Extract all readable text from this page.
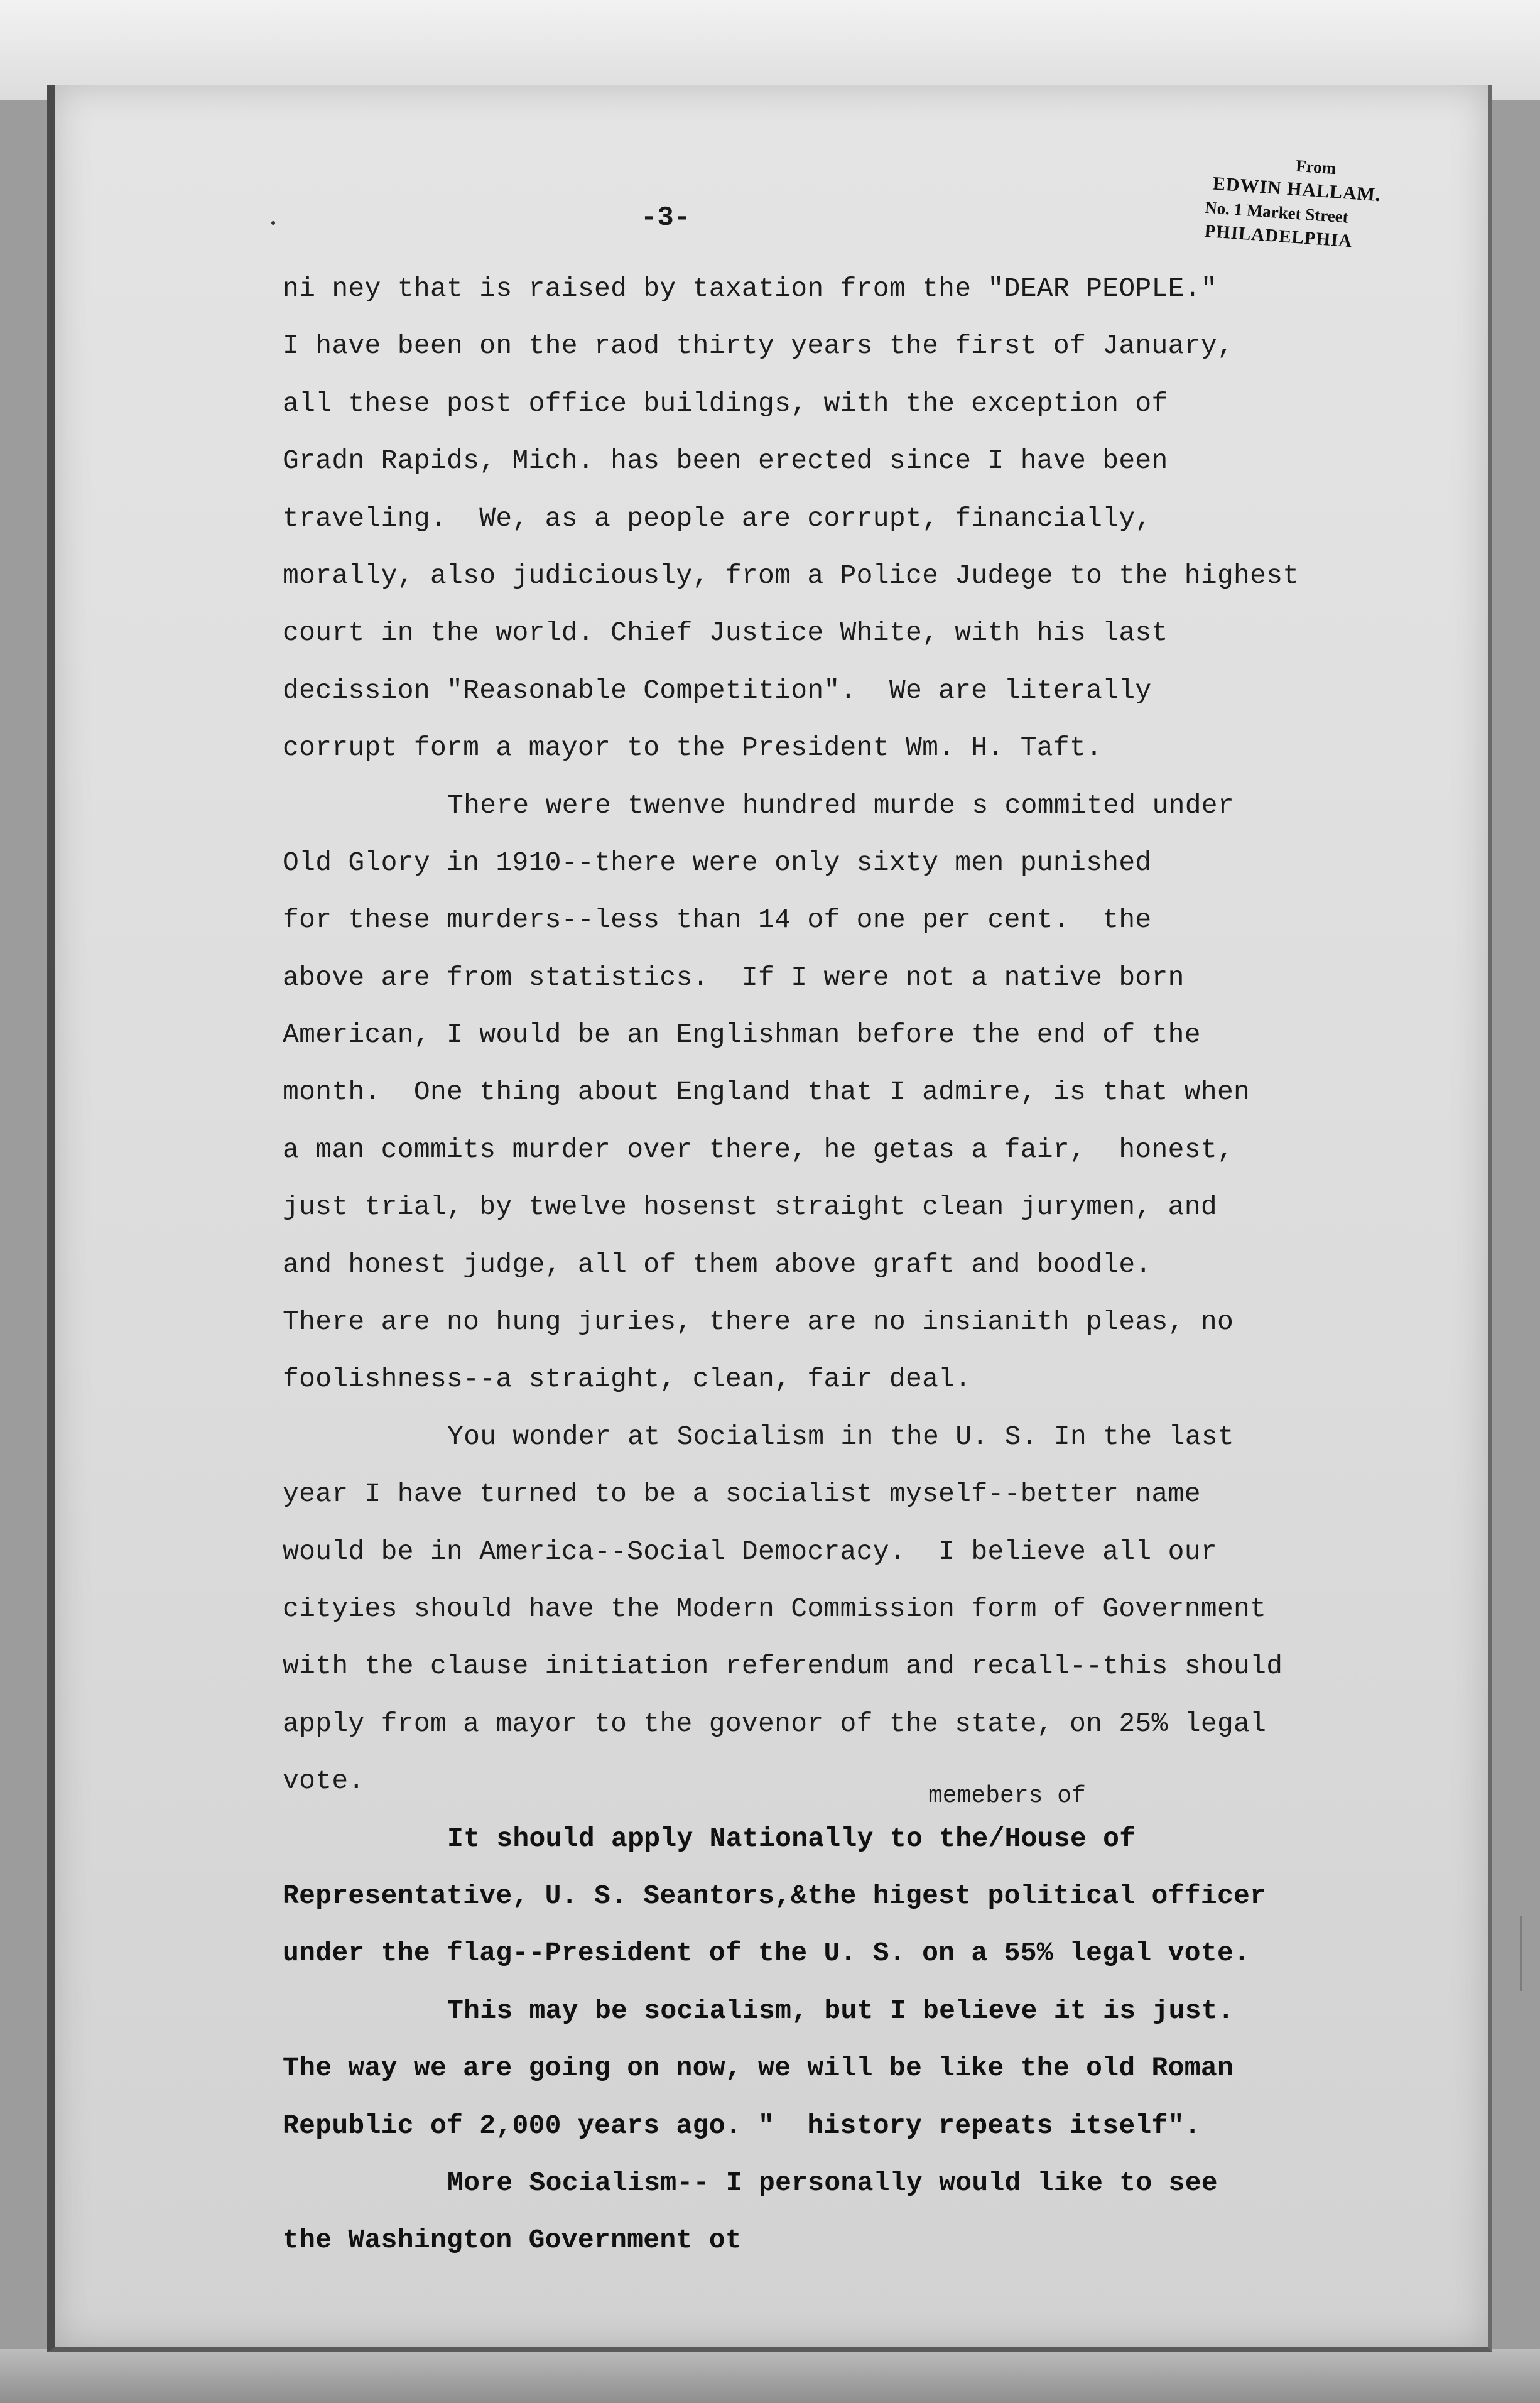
From
EDWIN HALLAM.
No. 1 Market Street
PHILADELPHIA
-3-
memebers of
ni ney that is raised by taxation from the "DEAR PEOPLE."
I have been on the raod thirty years the first of January,
all these post office buildings, with the exception of
Gradn Rapids, Mich. has been erected since I have been
traveling.  We, as a people are corrupt, financially,
morally, also judiciously, from a Police Judege to the highest
court in the world. Chief Justice White, with his last
decission "Reasonable Competition".  We are literally
corrupt form a mayor to the President Wm. H. Taft.
There were twenve hundred murde s commited under
Old Glory in 1910--there were only sixty men punished
for these murders--less than 14 of one per cent.  the
above are from statistics.  If I were not a native born
American, I would be an Englishman before the end of the
month.  One thing about England that I admire, is that when
a man commits murder over there, he getas a fair,  honest,
just trial, by twelve hosenst straight clean jurymen, and
and honest judge, all of them above graft and boodle.
There are no hung juries, there are no insianith pleas, no
foolishness--a straight, clean, fair deal.
You wonder at Socialism in the U. S. In the last
year I have turned to be a socialist myself--better name
would be in America--Social Democracy.  I believe all our
cityies should have the Modern Commission form of Government
with the clause initiation referendum and recall--this should
apply from a mayor to the govenor of the state, on 25% legal
vote.
It should apply Nationally to the/House of
Representative, U. S. Seantors,&the higest political officer
under the flag--President of the U. S. on a 55% legal vote.
This may be socialism, but I believe it is just.
The way we are going on now, we will be like the old Roman
Republic of 2,000 years ago. "  history repeats itself".
More Socialism-- I personally would like to see
the Washington Government ot
